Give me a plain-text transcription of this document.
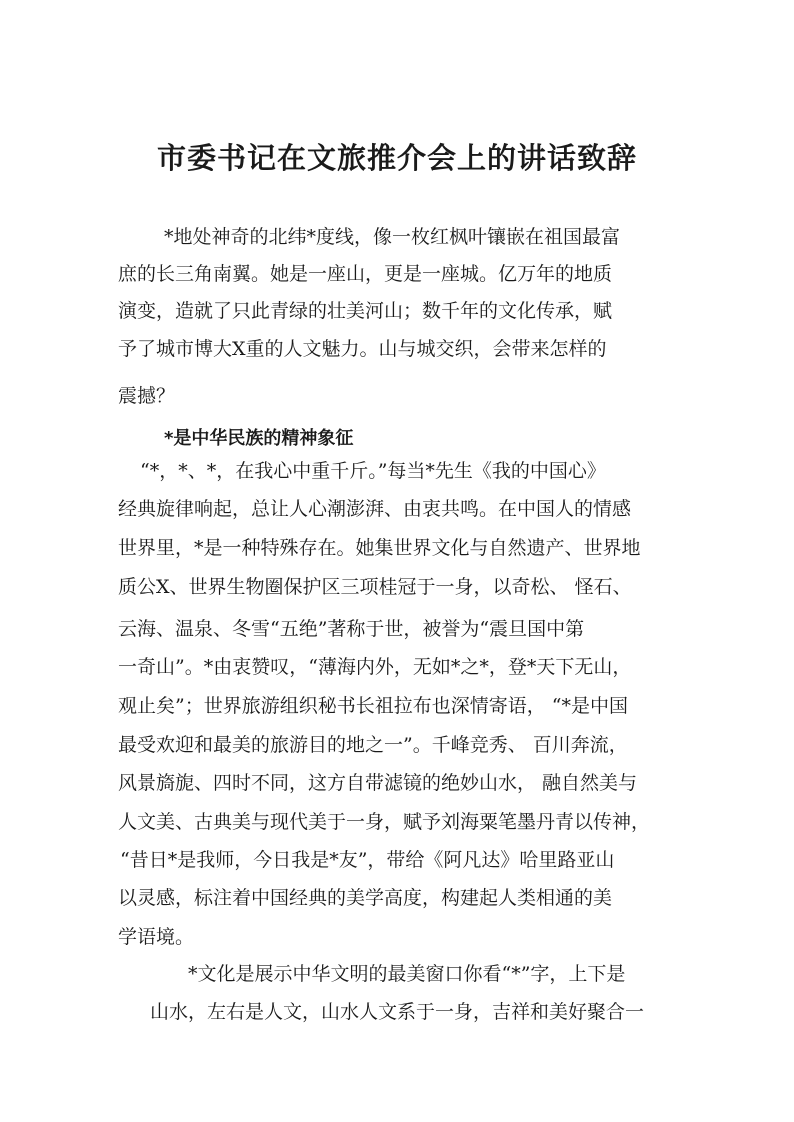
市委书记在文旅推介会上的讲话致辞

*地处神奇的北纬*度线，像一枚红枫叶镶嵌在祖国最富

庶的长三角南翼。她是一座山，更是一座城。亿万年的地质

演变，造就了只此青绿的壮美河山；数千年的文化传承，赋

予了城市博大X重的人文魅力。山与城交织，会带来怎样的

震撼？

*是中华民族的精神象征

“*，*、*，在我心中重千斤。”每当*先生《我的中国心》

经典旋律响起，总让人心潮澎湃、由衷共鸣。在中国人的情感

世界里，*是一种特殊存在。她集世界文化与自然遗产、世界地

质公X、世界生物圈保护区三项桂冠于一身，以奇松、 怪石、

云海、温泉、冬雪“五绝”著称于世，被誉为“震旦国中第

一奇山”。*由衷赞叹，“薄海内外，无如*之*，登*天下无山，

观止矣”；世界旅游组织秘书长祖拉布也深情寄语， “*是中国

最受欢迎和最美的旅游目的地之一”。千峰竞秀、 百川奔流，

风景旖旎、四时不同，这方自带滤镜的绝妙山水， 融自然美与

人文美、古典美与现代美于一身，赋予刘海粟笔墨丹青以传神，

“昔日*是我师，今日我是*友”，带给《阿凡达》哈里路亚山

以灵感，标注着中国经典的美学高度，构建起人类相通的美

学语境。

*文化是展示中华文明的最美窗口你看“*”字，上下是

山水，左右是人文，山水人文系于一身，吉祥和美好聚合一
